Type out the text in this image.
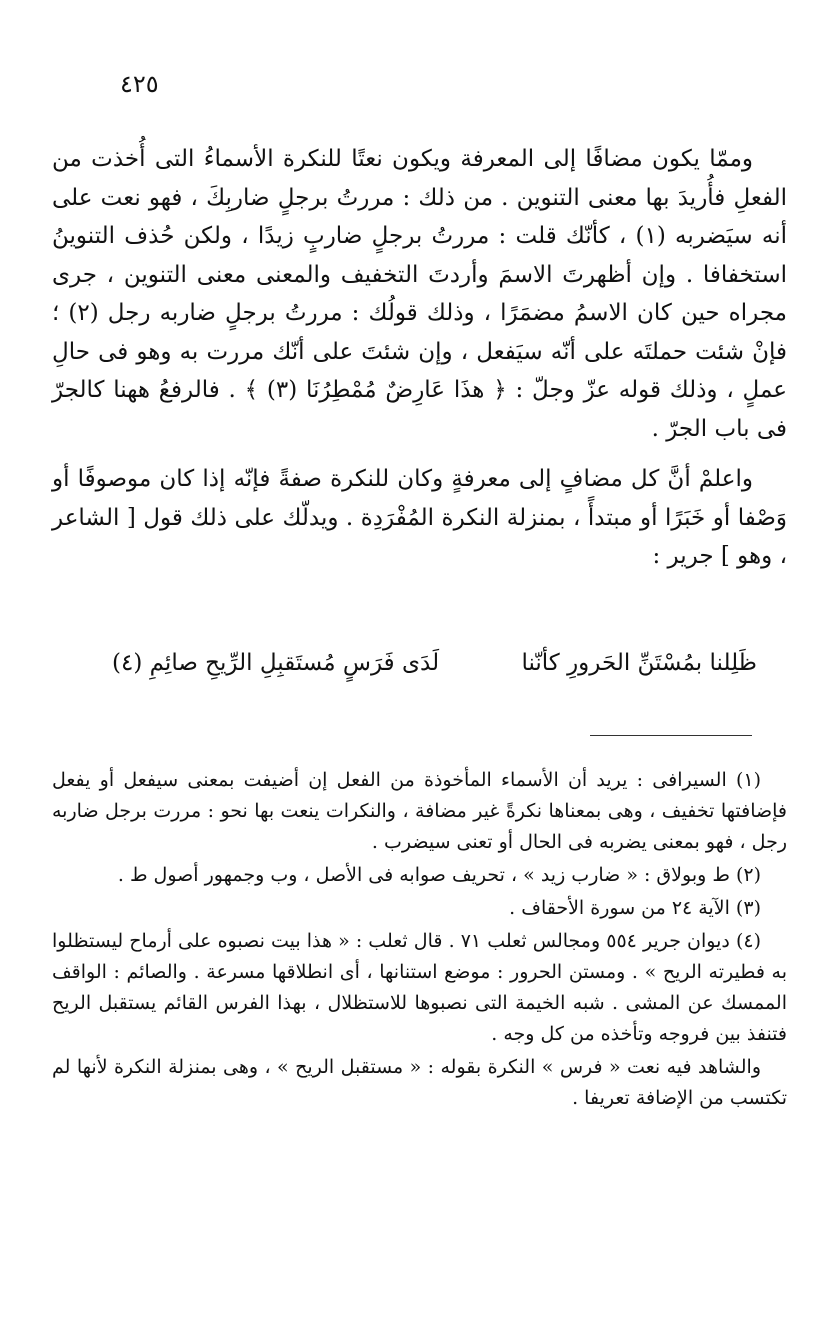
٤٢٥

وممّا يكون مضافًا إلى المعرفة ويكون نعتًا للنكرة الأسماءُ التى أُخذت من الفعلِ فأُريدَ بها معنى التنوين . من ذلك : مررتُ برجلٍ ضاربِكَ ، فهو نعت على أنه سيَضربه (١) ، كأنّك قلت : مررتُ برجلٍ ضاربٍ زيدًا ، ولكن حُذف التنوينُ استخفافا . وإن أظهرتَ الاسمَ وأردتَ التخفيف والمعنى معنى التنوين ، جرى مجراه حين كان الاسمُ مضمَرًا ، وذلك قولُك : مررتُ برجلٍ ضاربه رجل (٢) ؛ فإنْ شئت حملتَه على أنّه سيَفعل ، وإن شئتَ على أنّك مررت به وهو فى حالِ عملٍ ، وذلك قوله عزّ وجلّ : ﴿ هذَا عَارِضٌ مُمْطِرُنَا (٣) ﴾ . فالرفعُ ههنا كالجرّ فى باب الجرّ .

واعلمْ أنَّ كل مضافٍ إلى معرفةٍ وكان للنكرة صفةً فإنّه إذا كان موصوفًا أو وَصْفا أو خَبَرًا أو مبتدأً ، بمنزلة النكرة المُفْرَدِة . ويدلّك على ذلك قول [ الشاعر ، وهو ] جرير :

ظَلِلنا بمُسْتَنِّ الحَرورِ كأنّنا
لَدَى فَرَسٍ مُستَقبِلِ الرِّيحِ صائِمِ (٤)

(١) السيرافى : يريد أن الأسماء المأخوذة من الفعل إن أضيفت بمعنى سيفعل أو يفعل فإضافتها تخفيف ، وهى بمعناها نكرةً غير مضافة ، والنكرات ينعت بها نحو : مررت برجل ضاربه رجل ، فهو بمعنى يضربه فى الحال أو تعنى سيضرب .

(٢) ط وبولاق : « ضارب زيد » ، تحريف صوابه فى الأصل ، وب وجمهور أصول ط .

(٣) الآية ٢٤ من سورة الأحقاف .

(٤) ديوان جرير ٥٥٤ ومجالس ثعلب ٧١ . قال ثعلب : « هذا بيت نصبوه على أرماح ليستظلوا به فطيرته الريح » . ومستن الحرور : موضع استنانها ، أى انطلاقها مسرعة . والصائم : الواقف الممسك عن المشى . شبه الخيمة التى نصبوها للاستظلال ، بهذا الفرس القائم يستقبل الريح فتنفذ بين فروجه وتأخذه من كل وجه .

والشاهد فيه نعت « فرس » النكرة بقوله : « مستقبل الريح » ، وهى بمنزلة النكرة لأنها لم تكتسب من الإضافة تعريفا .
